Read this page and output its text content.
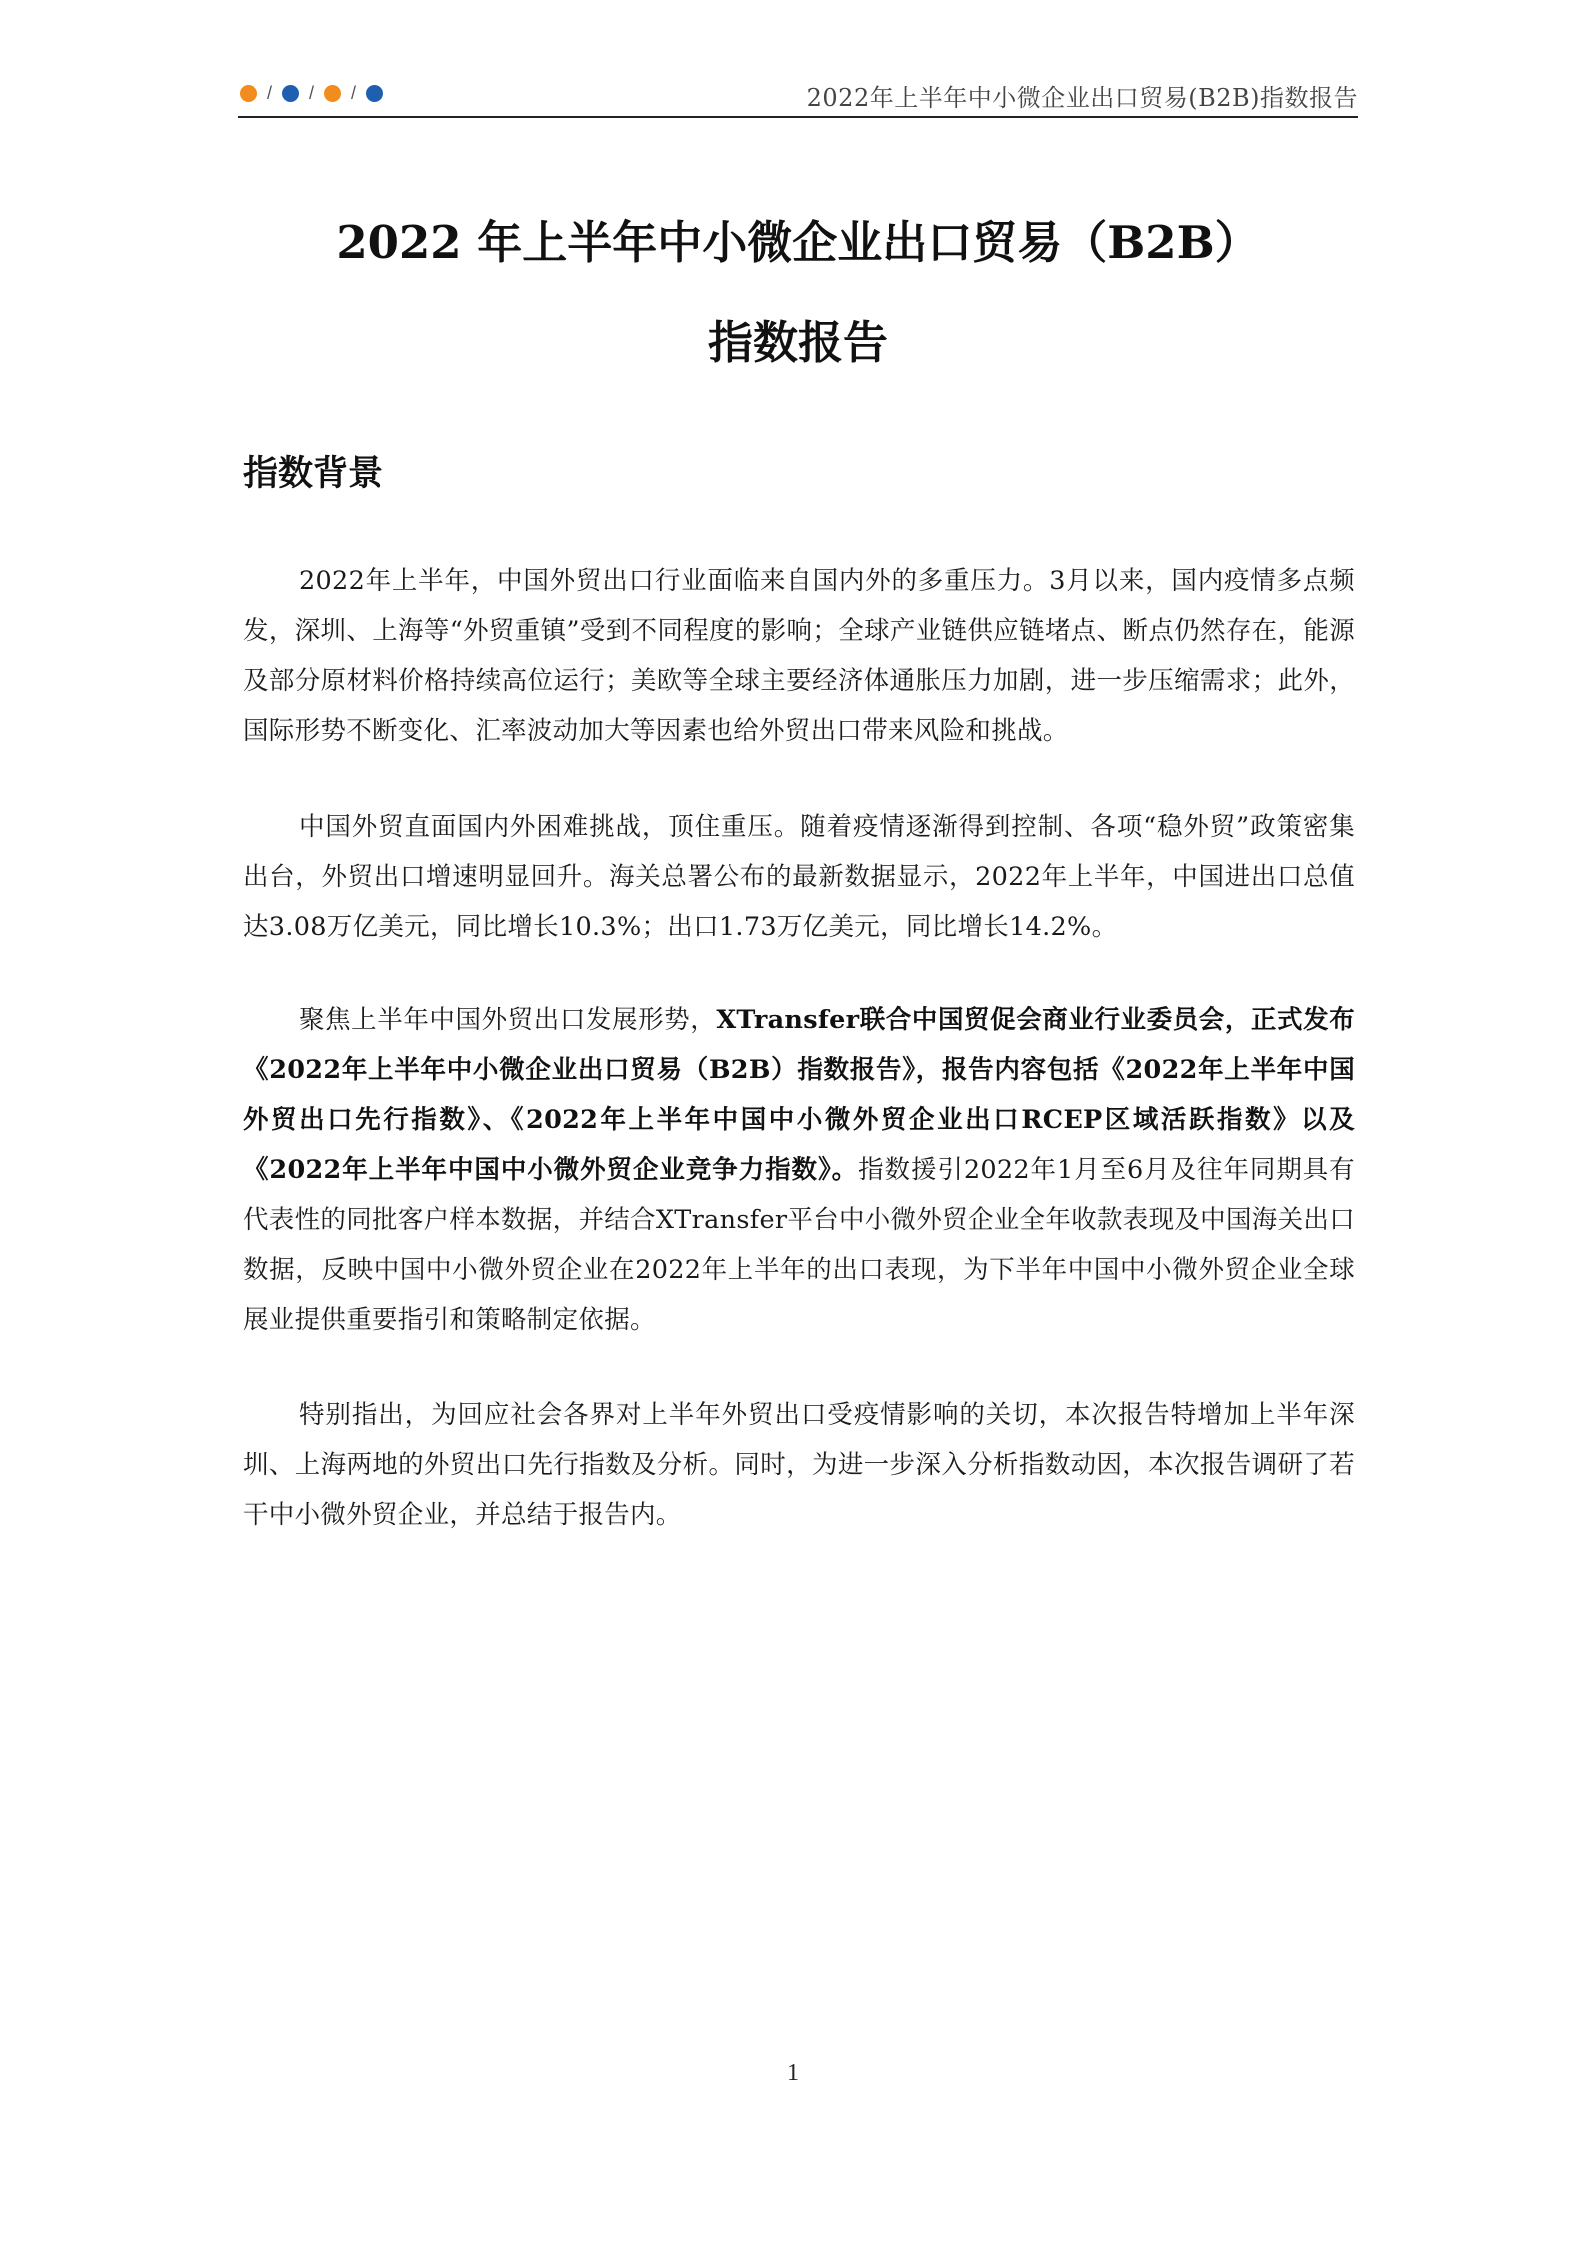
/ / /	2022年上半年中小微企业出口贸易(B2B)指数报告
2022 年上半年中小微企业出口贸易（B2B）
指数报告
指数背景

2022年上半年，中国外贸出口行业面临来自国内外的多重压力。3月以来，国内疫情多点频发，深圳、上海等“外贸重镇”受到不同程度的影响；全球产业链供应链堵点、断点仍然存在，能源及部分原材料价格持续高位运行；美欧等全球主要经济体通胀压力加剧，进一步压缩需求；此外，国际形势不断变化、汇率波动加大等因素也给外贸出口带来风险和挑战。

中国外贸直面国内外困难挑战，顶住重压。随着疫情逐渐得到控制、各项“稳外贸”政策密集出台，外贸出口增速明显回升。海关总署公布的最新数据显示，2022年上半年，中国进出口总值达3.08万亿美元，同比增长10.3%；出口1.73万亿美元，同比增长14.2%。

聚焦上半年中国外贸出口发展形势，XTransfer联合中国贸促会商业行业委员会，正式发布《2022年上半年中小微企业出口贸易（B2B）指数报告》，报告内容包括《2022年上半年中国外贸出口先行指数》、《2022年上半年中国中小微外贸企业出口RCEP区域活跃指数》以及《2022年上半年中国中小微外贸企业竞争力指数》。指数援引2022年1月至6月及往年同期具有代表性的同批客户样本数据，并结合XTransfer平台中小微外贸企业全年收款表现及中国海关出口数据，反映中国中小微外贸企业在2022年上半年的出口表现，为下半年中国中小微外贸企业全球展业提供重要指引和策略制定依据。

特别指出，为回应社会各界对上半年外贸出口受疫情影响的关切，本次报告特增加上半年深圳、上海两地的外贸出口先行指数及分析。同时，为进一步深入分析指数动因，本次报告调研了若干中小微外贸企业，并总结于报告内。

1
